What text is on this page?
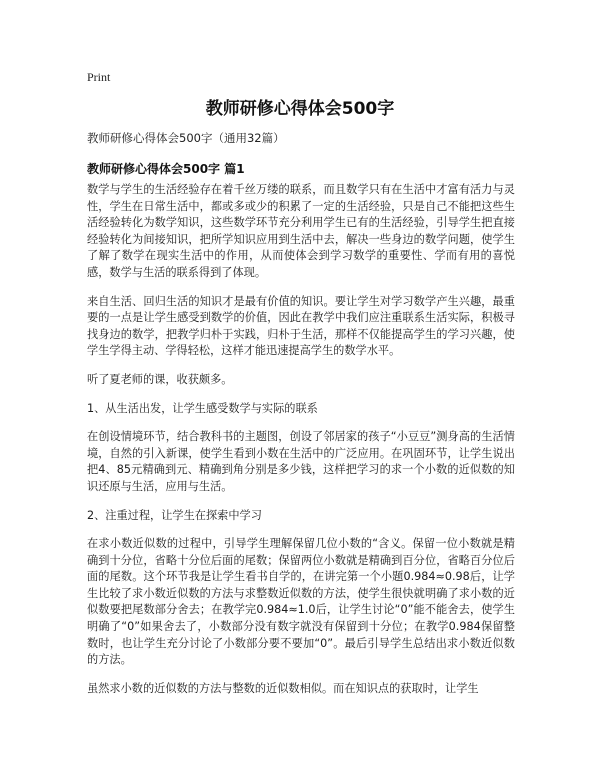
Print
教师研修心得体会500字
教师研修心得体会500字（通用32篇）
教师研修心得体会500字 篇1

数学与学生的生活经验存在着千丝万缕的联系，而且数学只有在生活中才富有活力与灵性，学生在日常生活中，都或多或少的积累了一定的生活经验，只是自己不能把这些生活经验转化为数学知识，这些数学环节充分利用学生已有的生活经验，引导学生把直接经验转化为间接知识，把所学知识应用到生活中去，解决一些身边的数学问题，使学生了解了数学在现实生活中的作用，从而使体会到学习数学的重要性、学而有用的喜悦感，数学与生活的联系得到了体现。

来自生活、回归生活的知识才是最有价值的知识。要让学生对学习数学产生兴趣，最重要的一点是让学生感受到数学的价值，因此在教学中我们应注重联系生活实际，积极寻找身边的数学，把教学归朴于实践，归朴于生活，那样不仅能提高学生的学习兴趣，使学生学得主动、学得轻松，这样才能迅速提高学生的数学水平。

听了夏老师的课，收获颇多。

1、从生活出发，让学生感受数学与实际的联系

在创设情境环节，结合教科书的主题图，创设了邻居家的孩子“小豆豆”测身高的生活情境，自然的引入新课，使学生看到小数在生活中的广泛应用。在巩固环节，让学生说出把4、85元精确到元、精确到角分别是多少钱，这样把学习的求一个小数的近似数的知识还原与生活，应用与生活。

2、注重过程，让学生在探索中学习

在求小数近似数的过程中，引导学生理解保留几位小数的“含义。保留一位小数就是精确到十分位，省略十分位后面的尾数；保留两位小数就是精确到百分位，省略百分位后面的尾数。这个环节我是让学生看书自学的，在讲完第一个小题0.984≈0.98后，让学生比较了求小数近似数的方法与求整数近似数的方法，使学生很快就明确了求小数的近似数要把尾数部分舍去；在教学完0.984≈1.0后，让学生讨论“0”能不能舍去，使学生明确了“0”如果舍去了，小数部分没有数字就没有保留到十分位；在教学0.984保留整数时，也让学生充分讨论了小数部分要不要加“0”。最后引导学生总结出求小数近似数的方法。

虽然求小数的近似数的方法与整数的近似数相似。而在知识点的获取时，让学生
